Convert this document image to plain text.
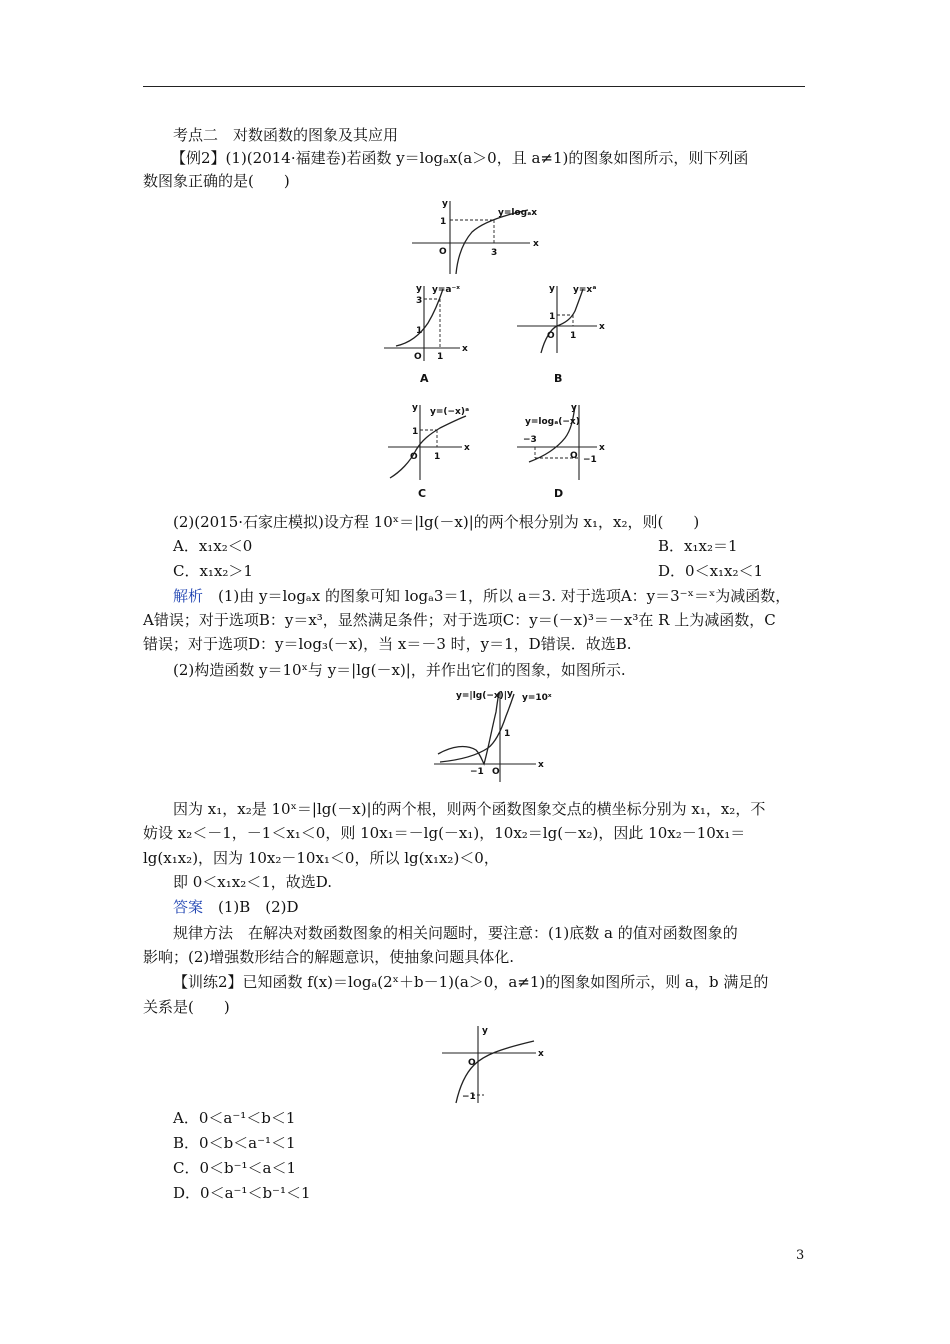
考点二　对数函数的图象及其应用
【例2】(1)(2014·福建卷)若函数 y＝logₐx(a＞0，且 a≠1)的图象如图所示，则下列函
数图象正确的是(　　)
y
x
1
3
O
y=logₐx
y
x
3
1
1
O
y=a⁻ˣ
A
y
x
1
1
O
y=xᵃ
B
y
x
1
1
O
y=(−x)ᵃ
C
y
x
−3
−1
O
y=logₐ(−x)
D
(2)(2015·石家庄模拟)设方程 10ˣ＝|lg(－x)|的两个根分别为 x₁，x₂，则(　　)
A．x₁x₂＜0	B．x₁x₂＝1
C．x₁x₂＞1	D．0＜x₁x₂＜1
解析　(1)由 y＝logₐx 的图象可知 logₐ3＝1，所以 a＝3. 对于选项A：y＝3⁻ˣ＝ˣ为减函数，
A错误；对于选项B：y＝x³，显然满足条件；对于选项C：y＝(－x)³＝－x³在 R 上为减函数，C
错误；对于选项D：y＝log₃(－x)，当 x＝－3 时，y＝1，D错误．故选B.
(2)构造函数 y＝10ˣ与 y＝|lg(－x)|，并作出它们的图象，如图所示.
y=|lg(−x)| y=10ˣ
y
1
−1 O
x
因为 x₁，x₂是 10ˣ＝|lg(－x)|的两个根，则两个函数图象交点的横坐标分别为 x₁，x₂，不
妨设 x₂＜－1，－1＜x₁＜0，则 10x₁＝－lg(－x₁)，10x₂＝lg(－x₂)，因此 10x₂－10x₁＝
lg(x₁x₂)，因为 10x₂－10x₁＜0，所以 lg(x₁x₂)＜0，
即 0＜x₁x₂＜1，故选D.
答案　(1)B　(2)D
规律方法　在解决对数函数图象的相关问题时，要注意：(1)底数 a 的值对函数图象的
影响；(2)增强数形结合的解题意识，使抽象问题具体化.
【训练2】已知函数 f(x)＝logₐ(2ˣ＋b－1)(a＞0，a≠1)的图象如图所示，则 a，b 满足的
关系是(　　)
y
O
x
−1
A．0＜a⁻¹＜b＜1
B．0＜b＜a⁻¹＜1
C．0＜b⁻¹＜a＜1
D．0＜a⁻¹＜b⁻¹＜1
3
